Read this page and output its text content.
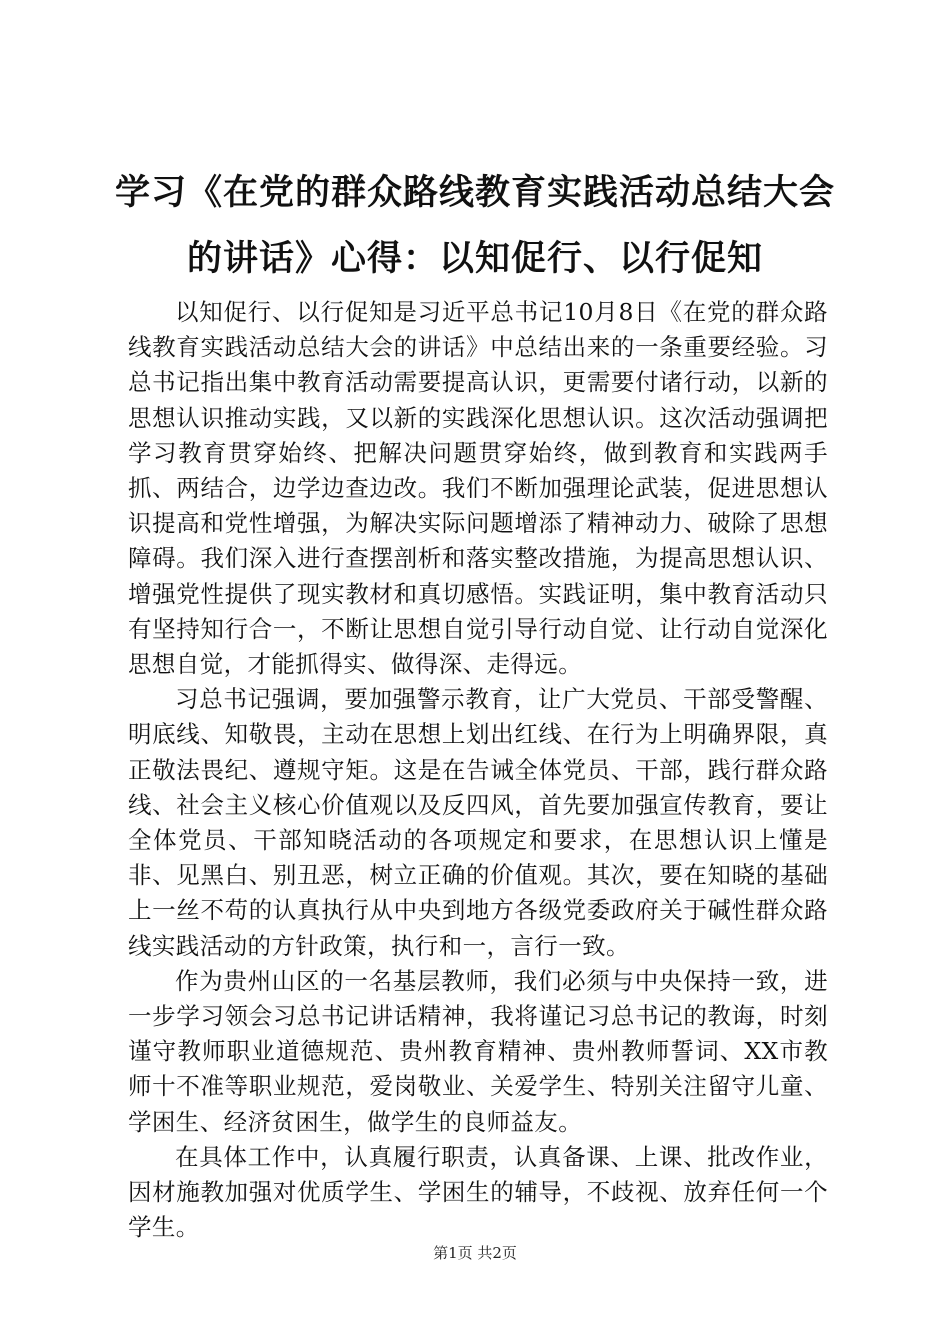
学习《在党的群众路线教育实践活动总结大会
的讲话》心得：以知促行、以行促知

以知促行、以行促知是习近平总书记10月8日《在党的群众路线教育实践活动总结大会的讲话》中总结出来的一条重要经验。习总书记指出集中教育活动需要提高认识，更需要付诸行动，以新的思想认识推动实践，又以新的实践深化思想认识。这次活动强调把学习教育贯穿始终、把解决问题贯穿始终，做到教育和实践两手抓、两结合，边学边查边改。我们不断加强理论武装，促进思想认识提高和党性增强，为解决实际问题增添了精神动力、破除了思想障碍。我们深入进行查摆剖析和落实整改措施，为提高思想认识、增强党性提供了现实教材和真切感悟。实践证明，集中教育活动只有坚持知行合一，不断让思想自觉引导行动自觉、让行动自觉深化思想自觉，才能抓得实、做得深、走得远。

习总书记强调，要加强警示教育，让广大党员、干部受警醒、明底线、知敬畏，主动在思想上划出红线、在行为上明确界限，真正敬法畏纪、遵规守矩。这是在告诫全体党员、干部，践行群众路线、社会主义核心价值观以及反四风，首先要加强宣传教育，要让全体党员、干部知晓活动的各项规定和要求，在思想认识上懂是非、见黑白、别丑恶，树立正确的价值观。其次，要在知晓的基础上一丝不苟的认真执行从中央到地方各级党委政府关于碱性群众路线实践活动的方针政策，执行和一，言行一致。

作为贵州山区的一名基层教师，我们必须与中央保持一致，进一步学习领会习总书记讲话精神，我将谨记习总书记的教诲，时刻谨守教师职业道德规范、贵州教育精神、贵州教师誓词、XX市教师十不准等职业规范，爱岗敬业、关爱学生、特别关注留守儿童、学困生、经济贫困生，做学生的良师益友。

在具体工作中，认真履行职责，认真备课、上课、批改作业，因材施教加强对优质学生、学困生的辅导，不歧视、放弃任何一个学生。

第1页 共2页
